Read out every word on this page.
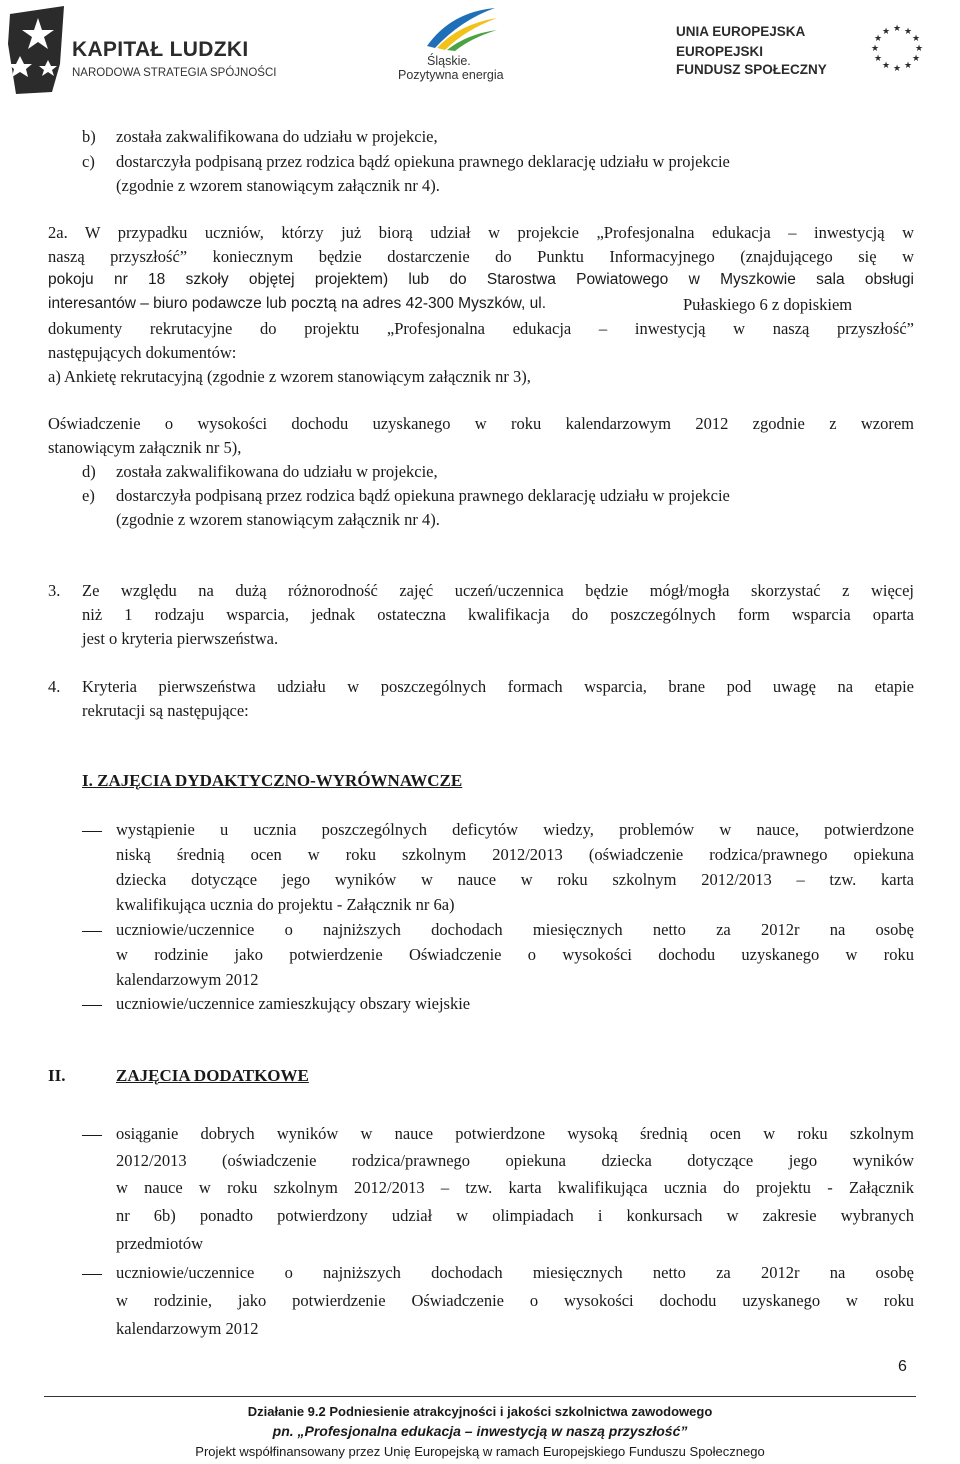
KAPITAŁ LUDZKI
NARODOWA STRATEGIA SPÓJNOŚCI
Śląskie.
Pozytywna energia
UNIA EUROPEJSKA
EUROPEJSKI
FUNDUSZ SPOŁECZNY
★ ★
★
★
★
★
★
★
★
★
★
★
b) została zakwalifikowana do udziału w projekcie,
c) dostarczyła podpisaną przez rodzica bądź opiekuna prawnego deklarację udziału w projekcie
(zgodnie z wzorem stanowiącym załącznik nr 4).
2a. W przypadku uczniów, którzy już biorą udział w projekcie „Profesjonalna edukacja – inwestycją w
naszą przyszłość” koniecznym będzie dostarczenie do Punktu Informacyjnego (znajdującego się w
pokoju nr 18 szkoły objętej projektem) lub do Starostwa Powiatowego w Myszkowie sala obsługi
interesantów – biuro podawcze lub pocztą na adres 42-300 Myszków, ul.	Pułaskiego 6 z dopiskiem
dokumenty rekrutacyjne do projektu „Profesjonalna edukacja – inwestycją w naszą przyszłość”
następujących dokumentów:
a) Ankietę rekrutacyjną (zgodnie z wzorem stanowiącym załącznik nr 3),
Oświadczenie o wysokości dochodu uzyskanego w roku kalendarzowym 2012 zgodnie z wzorem
stanowiącym załącznik nr 5),
d) została zakwalifikowana do udziału w projekcie,
e) dostarczyła podpisaną przez rodzica bądź opiekuna prawnego deklarację udziału w projekcie
(zgodnie z wzorem stanowiącym załącznik nr 4).
3. Ze względu na dużą różnorodność zajęć uczeń/uczennica będzie mógł/mogła skorzystać z więcej
niż 1 rodzaju wsparcia, jednak ostateczna kwalifikacja do poszczególnych form wsparcia oparta
jest o kryteria pierwszeństwa.
4. Kryteria pierwszeństwa udziału w poszczególnych formach wsparcia, brane pod uwagę na etapie
rekrutacji są następujące:
I. ZAJĘCIA DYDAKTYCZNO-WYRÓWNAWCZE
wystąpienie u ucznia poszczególnych deficytów wiedzy, problemów w nauce, potwierdzone
niską średnią ocen w roku szkolnym 2012/2013 (oświadczenie rodzica/prawnego opiekuna
dziecka dotyczące jego wyników w nauce w roku szkolnym 2012/2013 – tzw. karta
kwalifikująca ucznia do projektu - Załącznik nr 6a)
uczniowie/uczennice o najniższych dochodach miesięcznych netto za 2012r na osobę
w rodzinie jako potwierdzenie Oświadczenie o wysokości dochodu uzyskanego w roku
kalendarzowym 2012
uczniowie/uczennice zamieszkujący obszary wiejskie
II.	ZAJĘCIA DODATKOWE
osiąganie dobrych wyników w nauce potwierdzone wysoką średnią ocen w roku szkolnym
2012/2013 (oświadczenie rodzica/prawnego opiekuna dziecka dotyczące jego wyników
w nauce w roku szkolnym 2012/2013 – tzw. karta kwalifikująca ucznia do projektu - Załącznik
nr 6b) ponadto potwierdzony udział w olimpiadach i konkursach w zakresie wybranych
przedmiotów
uczniowie/uczennice o najniższych dochodach miesięcznych netto za 2012r na osobę
w rodzinie, jako potwierdzenie Oświadczenie o wysokości dochodu uzyskanego w roku
kalendarzowym 2012
6
Działanie 9.2 Podniesienie atrakcyjności i jakości szkolnictwa zawodowego
pn. „Profesjonalna edukacja – inwestycją w naszą przyszłość”
Projekt współfinansowany przez Unię Europejską w ramach Europejskiego Funduszu Społecznego
